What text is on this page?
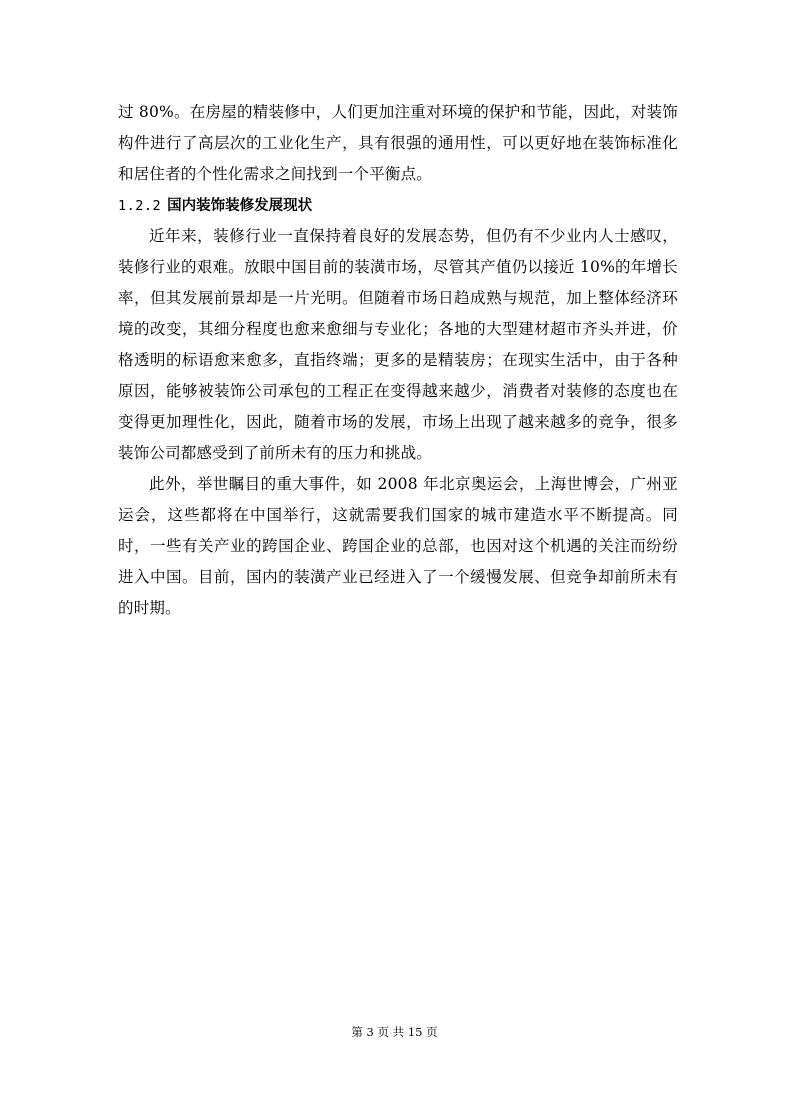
过 80%。在房屋的精装修中，人们更加注重对环境的保护和节能，因此，对装饰构件进行了高层次的工业化生产，具有很强的通用性，可以更好地在装饰标准化和居住者的个性化需求之间找到一个平衡点。

1.2.2 国内装饰装修发展现状

近年来，装修行业一直保持着良好的发展态势，但仍有不少业内人士感叹，装修行业的艰难。放眼中国目前的装潢市场，尽管其产值仍以接近 10%的年增长率，但其发展前景却是一片光明。但随着市场日趋成熟与规范，加上整体经济环境的改变，其细分程度也愈来愈细与专业化；各地的大型建材超市齐头并进，价格透明的标语愈来愈多，直指终端；更多的是精装房；在现实生活中，由于各种原因，能够被装饰公司承包的工程正在变得越来越少，消费者对装修的态度也在变得更加理性化，因此，随着市场的发展，市场上出现了越来越多的竞争，很多装饰公司都感受到了前所未有的压力和挑战。

此外，举世瞩目的重大事件，如 2008 年北京奥运会，上海世博会，广州亚运会，这些都将在中国举行，这就需要我们国家的城市建造水平不断提高。同时，一些有关产业的跨国企业、跨国企业的总部，也因对这个机遇的关注而纷纷进入中国。目前，国内的装潢产业已经进入了一个缓慢发展、但竞争却前所未有的时期。

第 3 页 共 15 页
